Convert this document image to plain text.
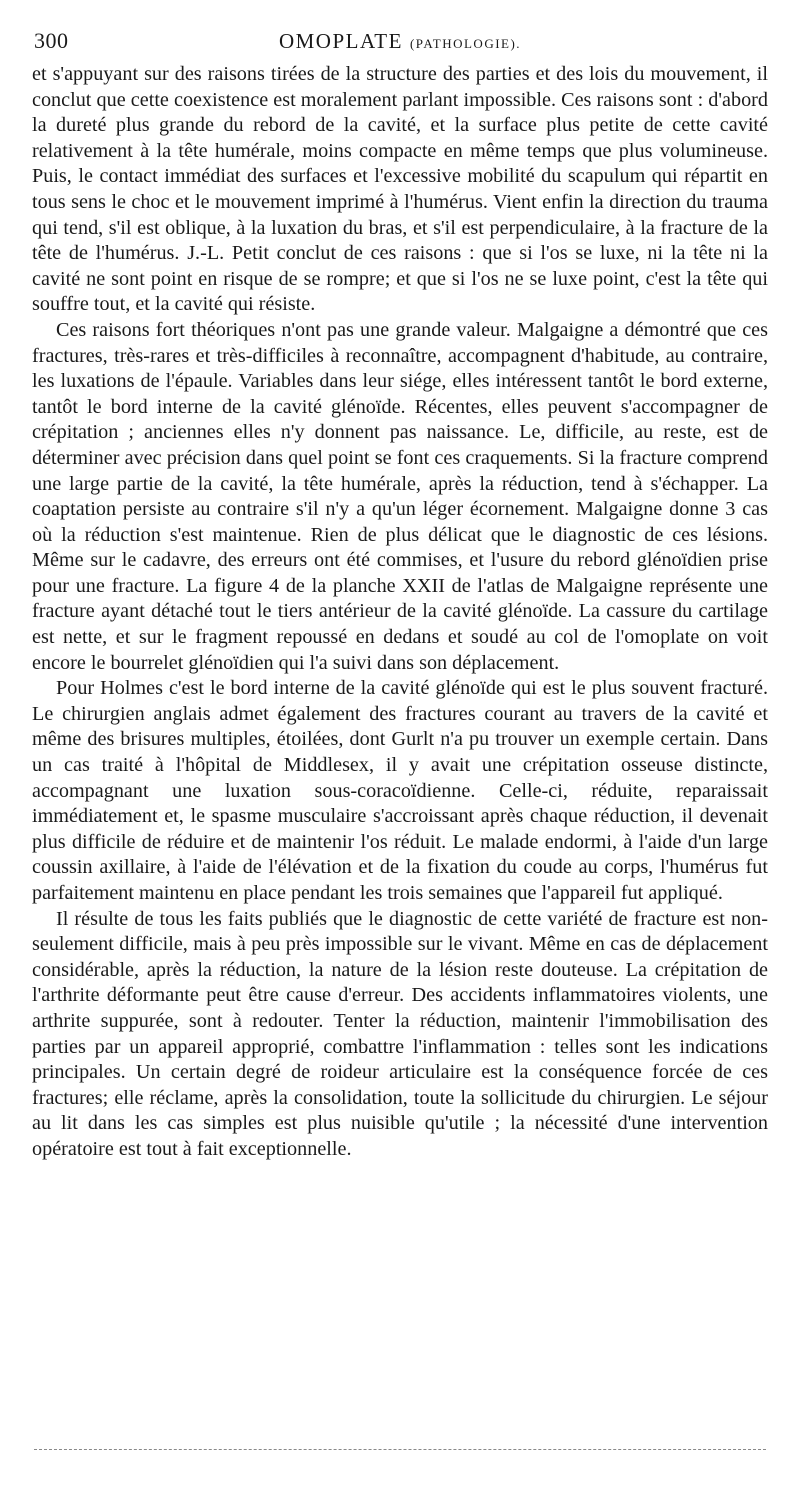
300	OMOPLATE (PATHOLOGIE).

et s'appuyant sur des raisons tirées de la structure des parties et des lois du mouvement, il conclut que cette coexistence est moralement parlant impossible. Ces raisons sont : d'abord la dureté plus grande du rebord de la cavité, et la surface plus petite de cette cavité relativement à la tête humérale, moins compacte en même temps que plus volumineuse. Puis, le contact immédiat des surfaces et l'excessive mobilité du scapulum qui répartit en tous sens le choc et le mouvement imprimé à l'humérus. Vient enfin la direction du trauma qui tend, s'il est oblique, à la luxation du bras, et s'il est perpendiculaire, à la fracture de la tête de l'humérus. J.-L. Petit conclut de ces raisons : que si l'os se luxe, ni la tête ni la cavité ne sont point en risque de se rompre; et que si l'os ne se luxe point, c'est la tête qui souffre tout, et la cavité qui résiste.

Ces raisons fort théoriques n'ont pas une grande valeur. Malgaigne a démontré que ces fractures, très-rares et très-difficiles à reconnaître, accompagnent d'habitude, au contraire, les luxations de l'épaule. Variables dans leur siége, elles intéressent tantôt le bord externe, tantôt le bord interne de la cavité glénoïde. Récentes, elles peuvent s'accompagner de crépitation ; anciennes elles n'y donnent pas naissance. Le, difficile, au reste, est de déterminer avec précision dans quel point se font ces craquements. Si la fracture comprend une large partie de la cavité, la tête humérale, après la réduction, tend à s'échapper. La coaptation persiste au contraire s'il n'y a qu'un léger écornement. Malgaigne donne 3 cas où la réduction s'est maintenue. Rien de plus délicat que le diagnostic de ces lésions. Même sur le cadavre, des erreurs ont été commises, et l'usure du rebord glénoïdien prise pour une fracture. La figure 4 de la planche XXII de l'atlas de Malgaigne représente une fracture ayant détaché tout le tiers antérieur de la cavité glénoïde. La cassure du cartilage est nette, et sur le fragment repoussé en dedans et soudé au col de l'omoplate on voit encore le bourrelet glénoïdien qui l'a suivi dans son déplacement.

Pour Holmes c'est le bord interne de la cavité glénoïde qui est le plus souvent fracturé. Le chirurgien anglais admet également des fractures courant au travers de la cavité et même des brisures multiples, étoilées, dont Gurlt n'a pu trouver un exemple certain. Dans un cas traité à l'hôpital de Middlesex, il y avait une crépitation osseuse distincte, accompagnant une luxation sous-coracoïdienne. Celle-ci, réduite, reparaissait immédiatement et, le spasme musculaire s'accroissant après chaque réduction, il devenait plus difficile de réduire et de maintenir l'os réduit. Le malade endormi, à l'aide d'un large coussin axillaire, à l'aide de l'élévation et de la fixation du coude au corps, l'humérus fut parfaitement maintenu en place pendant les trois semaines que l'appareil fut appliqué.

Il résulte de tous les faits publiés que le diagnostic de cette variété de fracture est non-seulement difficile, mais à peu près impossible sur le vivant. Même en cas de déplacement considérable, après la réduction, la nature de la lésion reste douteuse. La crépitation de l'arthrite déformante peut être cause d'erreur. Des accidents inflammatoires violents, une arthrite suppurée, sont à redouter. Tenter la réduction, maintenir l'immobilisation des parties par un appareil approprié, combattre l'inflammation : telles sont les indications principales. Un certain degré de roideur articulaire est la conséquence forcée de ces fractures; elle réclame, après la consolidation, toute la sollicitude du chirurgien. Le séjour au lit dans les cas simples est plus nuisible qu'utile ; la nécessité d'une intervention opératoire est tout à fait exceptionnelle.
